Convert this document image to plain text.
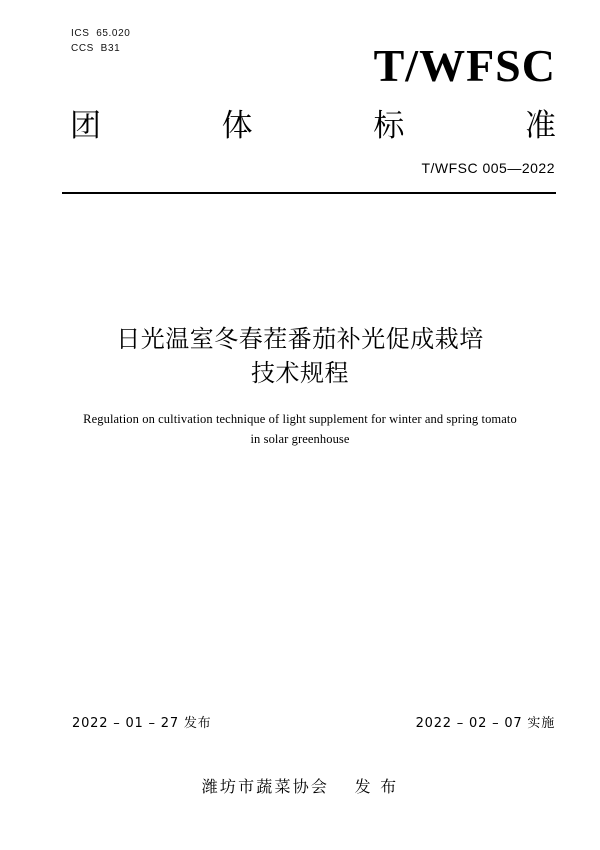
ICS  65.020
CCS  B31	T/WFSC
团	体	标	准
T/WFSC 005—2022
日光温室冬春茬番茄补光促成栽培
技术规程
Regulation on cultivation technique of light supplement for winter and spring tomato
in solar greenhouse
2022 – 01 – 27 发布	2022 – 02 – 07 实施
潍坊市蔬菜协会　 发 布
